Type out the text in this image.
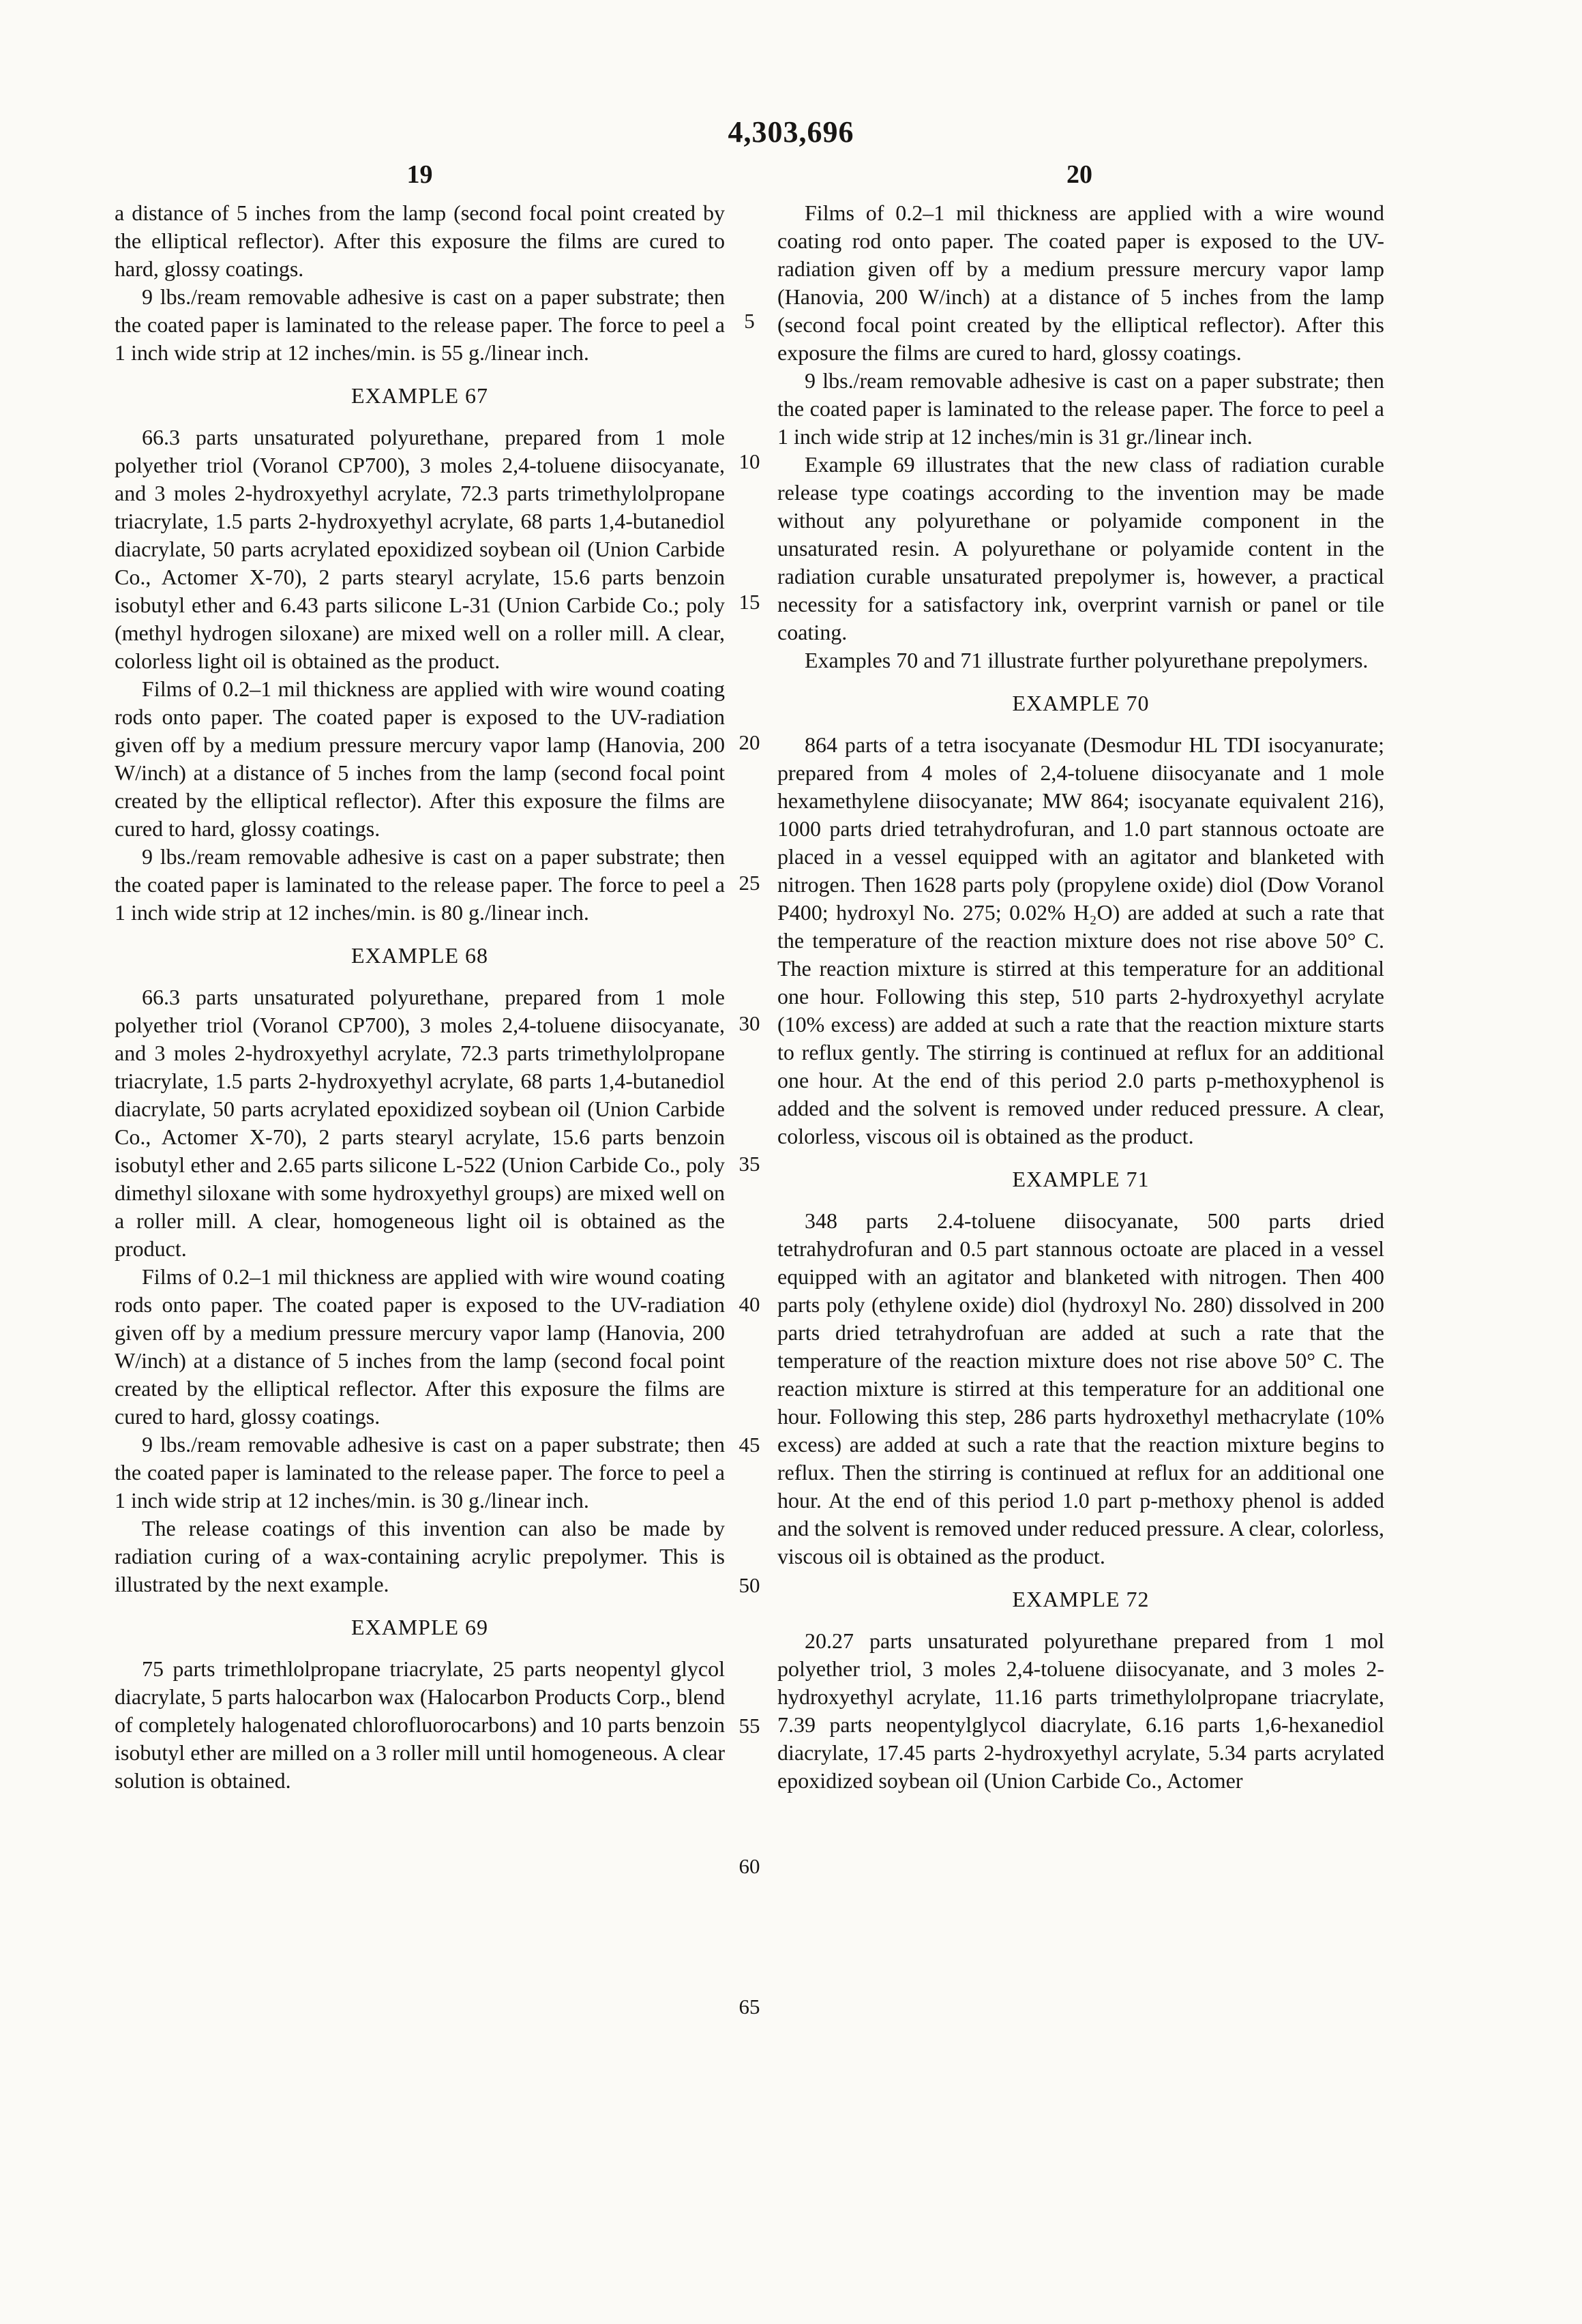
4,303,696
19	20

a distance of 5 inches from the lamp (second focal point created by the elliptical reflector). After this exposure the films are cured to hard, glossy coatings.

9 lbs./ream removable adhesive is cast on a paper substrate; then the coated paper is laminated to the release paper. The force to peel a 1 inch wide strip at 12 inches/min. is 55 g./linear inch.

EXAMPLE 67

66.3 parts unsaturated polyurethane, prepared from 1 mole polyether triol (Voranol CP700), 3 moles 2,4-toluene diisocyanate, and 3 moles 2-hydroxyethyl acrylate, 72.3 parts trimethylolpropane triacrylate, 1.5 parts 2-hydroxyethyl acrylate, 68 parts 1,4-butanediol diacrylate, 50 parts acrylated epoxidized soybean oil (Union Carbide Co., Actomer X-70), 2 parts stearyl acrylate, 15.6 parts benzoin isobutyl ether and 6.43 parts silicone L-31 (Union Carbide Co.; poly (methyl hydrogen siloxane) are mixed well on a roller mill. A clear, colorless light oil is obtained as the product.

Films of 0.2–1 mil thickness are applied with wire wound coating rods onto paper. The coated paper is exposed to the UV-radiation given off by a medium pressure mercury vapor lamp (Hanovia, 200 W/inch) at a distance of 5 inches from the lamp (second focal point created by the elliptical reflector). After this exposure the films are cured to hard, glossy coatings.

9 lbs./ream removable adhesive is cast on a paper substrate; then the coated paper is laminated to the release paper. The force to peel a 1 inch wide strip at 12 inches/min. is 80 g./linear inch.

EXAMPLE 68

66.3 parts unsaturated polyurethane, prepared from 1 mole polyether triol (Voranol CP700), 3 moles 2,4-toluene diisocyanate, and 3 moles 2-hydroxyethyl acrylate, 72.3 parts trimethylolpropane triacrylate, 1.5 parts 2-hydroxyethyl acrylate, 68 parts 1,4-butanediol diacrylate, 50 parts acrylated epoxidized soybean oil (Union Carbide Co., Actomer X-70), 2 parts stearyl acrylate, 15.6 parts benzoin isobutyl ether and 2.65 parts silicone L-522 (Union Carbide Co., poly dimethyl siloxane with some hydroxyethyl groups) are mixed well on a roller mill. A clear, homogeneous light oil is obtained as the product.

Films of 0.2–1 mil thickness are applied with wire wound coating rods onto paper. The coated paper is exposed to the UV-radiation given off by a medium pressure mercury vapor lamp (Hanovia, 200 W/inch) at a distance of 5 inches from the lamp (second focal point created by the elliptical reflector. After this exposure the films are cured to hard, glossy coatings.

9 lbs./ream removable adhesive is cast on a paper substrate; then the coated paper is laminated to the release paper. The force to peel a 1 inch wide strip at 12 inches/min. is 30 g./linear inch.

The release coatings of this invention can also be made by radiation curing of a wax-containing acrylic prepolymer. This is illustrated by the next example.

EXAMPLE 69

75 parts trimethlolpropane triacrylate, 25 parts neopentyl glycol diacrylate, 5 parts halocarbon wax (Halocarbon Products Corp., blend of completely halogenated chlorofluorocarbons) and 10 parts benzoin isobutyl ether are milled on a 3 roller mill until homogeneous. A clear solution is obtained.

Films of 0.2–1 mil thickness are applied with a wire wound coating rod onto paper. The coated paper is exposed to the UV-radiation given off by a medium pressure mercury vapor lamp (Hanovia, 200 W/inch) at a distance of 5 inches from the lamp (second focal point created by the elliptical reflector). After this exposure the films are cured to hard, glossy coatings.

9 lbs./ream removable adhesive is cast on a paper substrate; then the coated paper is laminated to the release paper. The force to peel a 1 inch wide strip at 12 inches/min is 31 gr./linear inch.

Example 69 illustrates that the new class of radiation curable release type coatings according to the invention may be made without any polyurethane or polyamide component in the unsaturated resin. A polyurethane or polyamide content in the radiation curable unsaturated prepolymer is, however, a practical necessity for a satisfactory ink, overprint varnish or panel or tile coating.

Examples 70 and 71 illustrate further polyurethane prepolymers.

EXAMPLE 70

864 parts of a tetra isocyanate (Desmodur HL TDI isocyanurate; prepared from 4 moles of 2,4-toluene diisocyanate and 1 mole hexamethylene diisocyanate; MW 864; isocyanate equivalent 216), 1000 parts dried tetrahydrofuran, and 1.0 part stannous octoate are placed in a vessel equipped with an agitator and blanketed with nitrogen. Then 1628 parts poly (propylene oxide) diol (Dow Voranol P400; hydroxyl No. 275; 0.02% H₂O) are added at such a rate that the temperature of the reaction mixture does not rise above 50° C. The reaction mixture is stirred at this temperature for an additional one hour. Following this step, 510 parts 2-hydroxyethyl acrylate (10% excess) are added at such a rate that the reaction mixture starts to reflux gently. The stirring is continued at reflux for an additional one hour. At the end of this period 2.0 parts p-methoxyphenol is added and the solvent is removed under reduced pressure. A clear, colorless, viscous oil is obtained as the product.

EXAMPLE 71

348 parts 2.4-toluene diisocyanate, 500 parts dried tetrahydrofuran and 0.5 part stannous octoate are placed in a vessel equipped with an agitator and blanketed with nitrogen. Then 400 parts poly (ethylene oxide) diol (hydroxyl No. 280) dissolved in 200 parts dried tetrahydrofuan are added at such a rate that the temperature of the reaction mixture does not rise above 50° C. The reaction mixture is stirred at this temperature for an additional one hour. Following this step, 286 parts hydroxethyl methacrylate (10% excess) are added at such a rate that the reaction mixture begins to reflux. Then the stirring is continued at reflux for an additional one hour. At the end of this period 1.0 part p-methoxy phenol is added and the solvent is removed under reduced pressure. A clear, colorless, viscous oil is obtained as the product.

EXAMPLE 72

20.27 parts unsaturated polyurethane prepared from 1 mol polyether triol, 3 moles 2,4-toluene diisocyanate, and 3 moles 2-hydroxyethyl acrylate, 11.16 parts trimethylolpropane triacrylate, 7.39 parts neopentylglycol diacrylate, 6.16 parts 1,6-hexanediol diacrylate, 17.45 parts 2-hydroxyethyl acrylate, 5.34 parts acrylated epoxidized soybean oil (Union Carbide Co., Actomer

5
10
15
20
25
30
35
40
45
50
55
60
65
